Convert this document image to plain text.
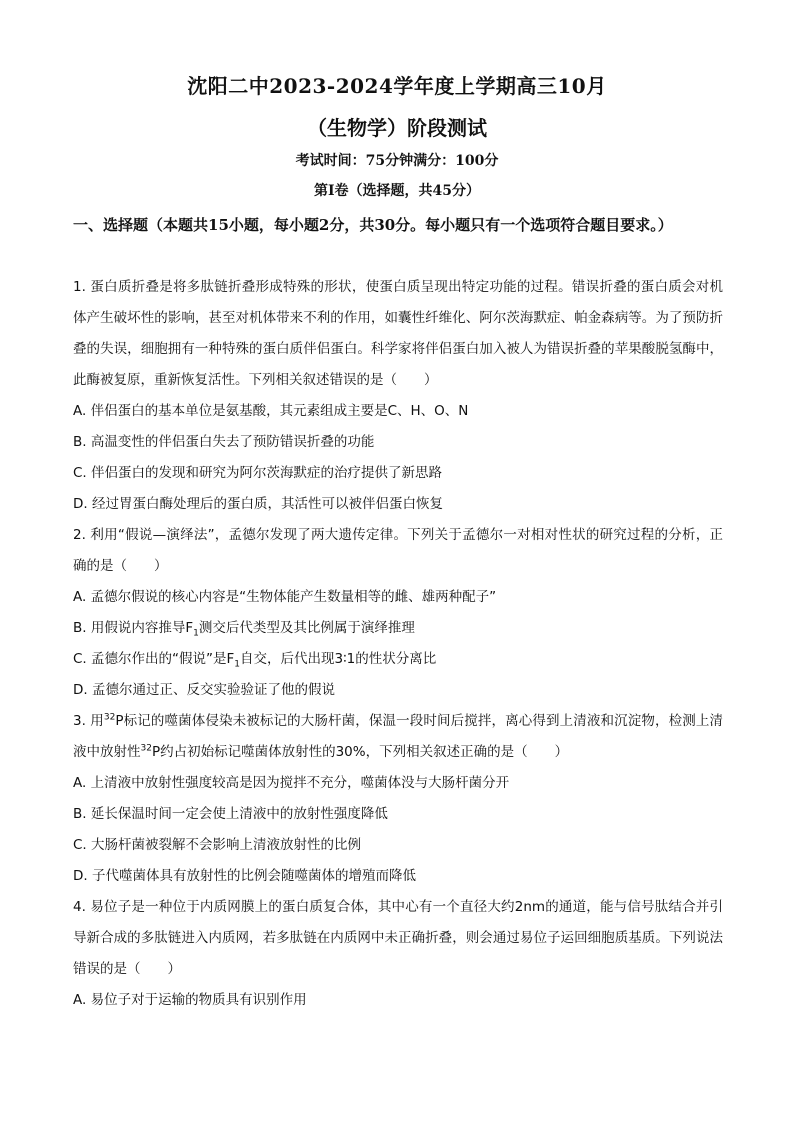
沈阳二中2023-2024学年度上学期高三10月
（生物学）阶段测试
考试时间：75分钟满分：100分
第I卷（选择题，共45分）
一、选择题（本题共15小题，每小题2分，共30分。每小题只有一个选项符合题目要求。）
1. 蛋白质折叠是将多肽链折叠形成特殊的形状，使蛋白质呈现出特定功能的过程。错误折叠的蛋白质会对机体产生破坏性的影响，甚至对机体带来不利的作用，如囊性纤维化、阿尔茨海默症、帕金森病等。为了预防折叠的失误，细胞拥有一种特殊的蛋白质伴侣蛋白。科学家将伴侣蛋白加入被人为错误折叠的苹果酸脱氢酶中，此酶被复原，重新恢复活性。下列相关叙述错误的是（　　）
A. 伴侣蛋白的基本单位是氨基酸，其元素组成主要是C、H、O、N
B. 高温变性的伴侣蛋白失去了预防错误折叠的功能
C. 伴侣蛋白的发现和研究为阿尔茨海默症的治疗提供了新思路
D. 经过胃蛋白酶处理后的蛋白质，其活性可以被伴侣蛋白恢复
2. 利用“假说—演绎法”，孟德尔发现了两大遗传定律。下列关于孟德尔一对相对性状的研究过程的分析，正确的是（　　）
A. 孟德尔假说的核心内容是“生物体能产生数量相等的雌、雄两种配子”
B. 用假说内容推导$F_1$测交后代类型及其比例属于演绎推理
C. 孟德尔作出的“假说”是$F_1$自交，后代出现3∶1的性状分离比
D. 孟德尔通过正、反交实验验证了他的假说
3. 用$^{32}$P标记的噬菌体侵染未被标记的大肠杆菌，保温一段时间后搅拌，离心得到上清液和沉淀物，检测上清液中放射性$^{32}$P约占初始标记噬菌体放射性的30%，下列相关叙述正确的是（　　）
A. 上清液中放射性强度较高是因为搅拌不充分，噬菌体没与大肠杆菌分开
B. 延长保温时间一定会使上清液中的放射性强度降低
C. 大肠杆菌被裂解不会影响上清液放射性的比例
D. 子代噬菌体具有放射性的比例会随噬菌体的增殖而降低
4. 易位子是一种位于内质网膜上的蛋白质复合体，其中心有一个直径大约2nm的通道，能与信号肽结合并引导新合成的多肽链进入内质网，若多肽链在内质网中未正确折叠，则会通过易位子运回细胞质基质。下列说法错误的是（　　）
A. 易位子对于运输的物质具有识别作用
